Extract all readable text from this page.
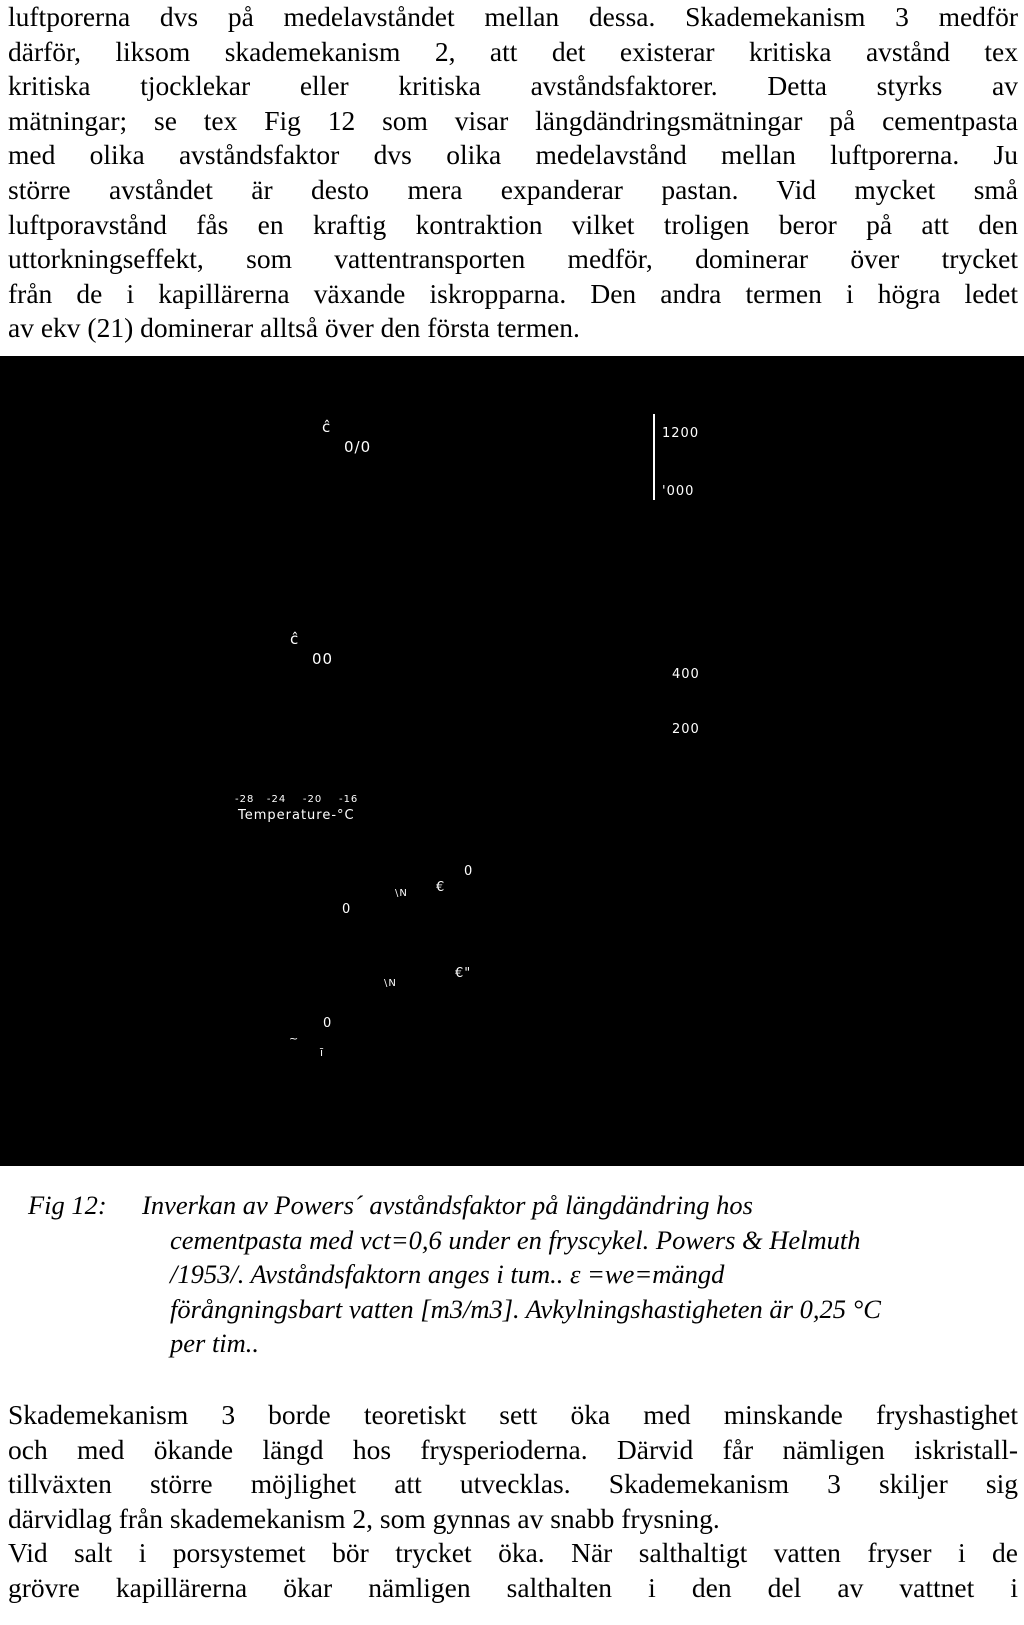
luftporerna dvs på medelavståndet mellan dessa. Skademekanism 3 medför
därför, liksom skademekanism 2, att det existerar kritiska avstånd tex
kritiska tjocklekar eller kritiska avståndsfaktorer. Detta styrks av
mätningar; se tex Fig 12 som visar längdändringsmätningar på cementpasta
med olika avståndsfaktor dvs olika medelavstånd mellan luftporerna. Ju
större avståndet är desto mera expanderar pastan. Vid mycket små
luftporavstånd fås en kraftig kontraktion vilket troligen beror på att den
uttorkningseffekt, som vattentransporten medför, dominerar över trycket
från de i kapillärerna växande iskropparna. Den andra termen i högra ledet
av ekv (21) dominerar alltså över den första termen.
ĉ
0/0
1200
'000
ĉ
00
400
200
-28   -24    -20    -16
Temperature-°C
0
\N €
0
\N
€"
0
~
ī
Fig 12: Inverkan av Powers´ avståndsfaktor på längdändring hos
cementpasta med vct=0,6 under en fryscykel. Powers & Helmuth
/1953/. Avståndsfaktorn anges i tum.. ε =we=mängd
förångningsbart vatten [m3/m3]. Avkylningshastigheten är 0,25 °C
per tim..
Skademekanism 3 borde teoretiskt sett öka med minskande fryshastighet
och med ökande längd hos frysperioderna. Därvid får nämligen iskristall-
tillväxten större möjlighet att utvecklas. Skademekanism 3 skiljer sig
därvidlag från skademekanism 2, som gynnas av snabb frysning.
Vid salt i porsystemet bör trycket öka. När salthaltigt vatten fryser i de
grövre kapillärerna ökar nämligen salthalten i den del av vattnet i
